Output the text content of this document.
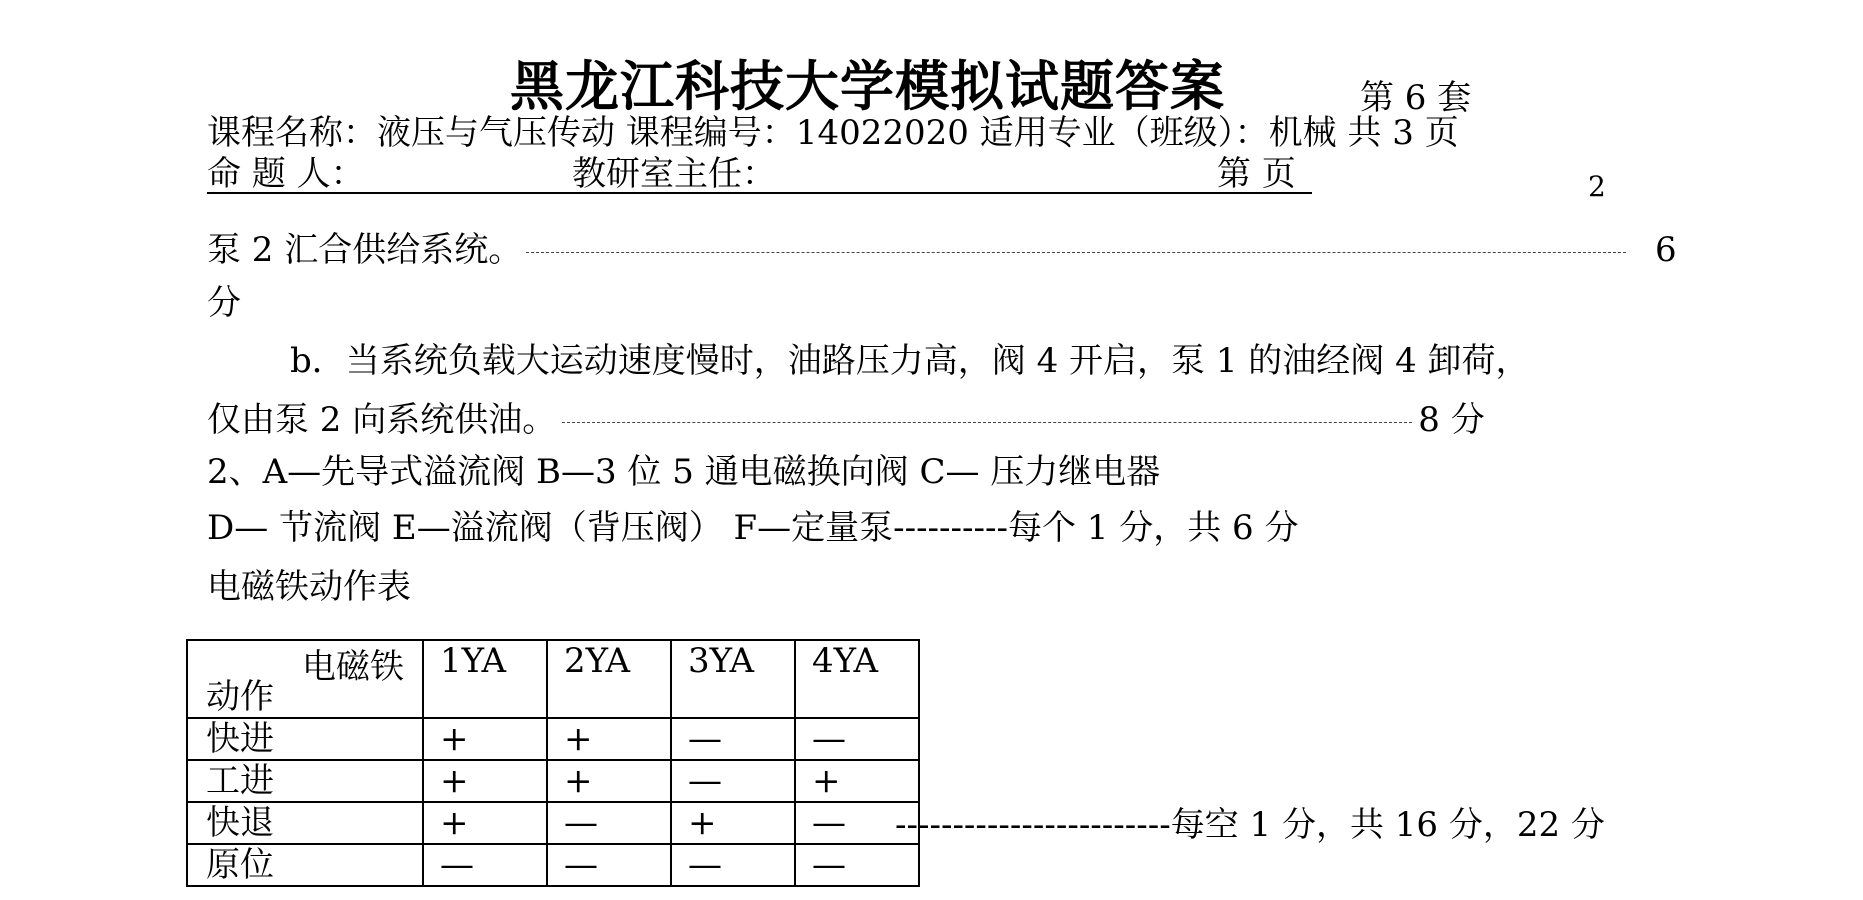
黑龙江科技大学模拟试题答案	第 6 套
课程名称：液压与气压传动 课程编号：14022020 适用专业（班级）：机械 共 3 页
命 题 人：	教研室主任：	第 页	2
泵 2 汇合供给系统。	6
分
b．当系统负载大运动速度慢时，油路压力高，阀 4 开启，泵 1 的油经阀 4 卸荷，
仅由泵 2 向系统供油。	8 分
2、A—先导式溢流阀 B—3 位 5 通电磁换向阀 C— 压力继电器
D— 节流阀 E—溢流阀（背压阀） F—定量泵----------每个 1 分，共 6 分
电磁铁动作表
电磁铁
动作	1YA	2YA	3YA	4YA
快进	+	+	—	—
工进	+	+	—	+
快退	+	—	+	—
原位	—	—	—	—
------------------------每空 1 分，共 16 分，22 分
